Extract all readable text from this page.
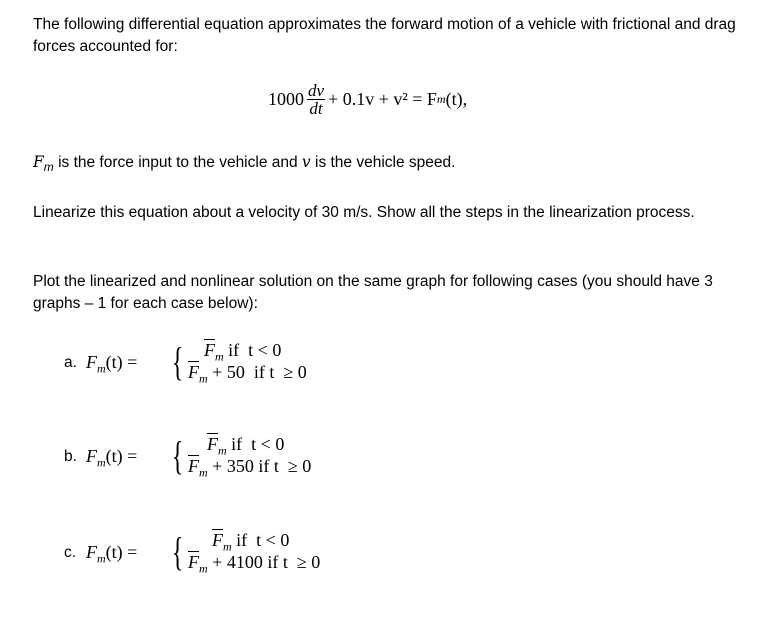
The following differential equation approximates the forward motion of a vehicle with frictional and drag forces accounted for:
$1000 \frac{dv}{dt} + 0.1v + v^2 = F$ m (t),
$F_m$ is the force input to the vehicle and v is the vehicle speed.
Linearize this equation about a velocity of 30 m/s. Show all the steps in the linearization process.
Plot the linearized and nonlinear solution on the same graph for following cases (you should have 3 graphs – 1 for each case below):
a. $F_m(t)$ = { $\overline{F}_m$ if  t < 0
$\overline{F}_m + 50$  if t  ≥ 0
b. $F_m(t)$ = { $\overline{F}_m$ if  t < 0
$\overline{F}_m + 350$ if t  ≥ 0
c. $F_m(t)$ = { $\overline{F}_m$ if  t < 0
$\overline{F}_m + 4100$ if t  ≥ 0
